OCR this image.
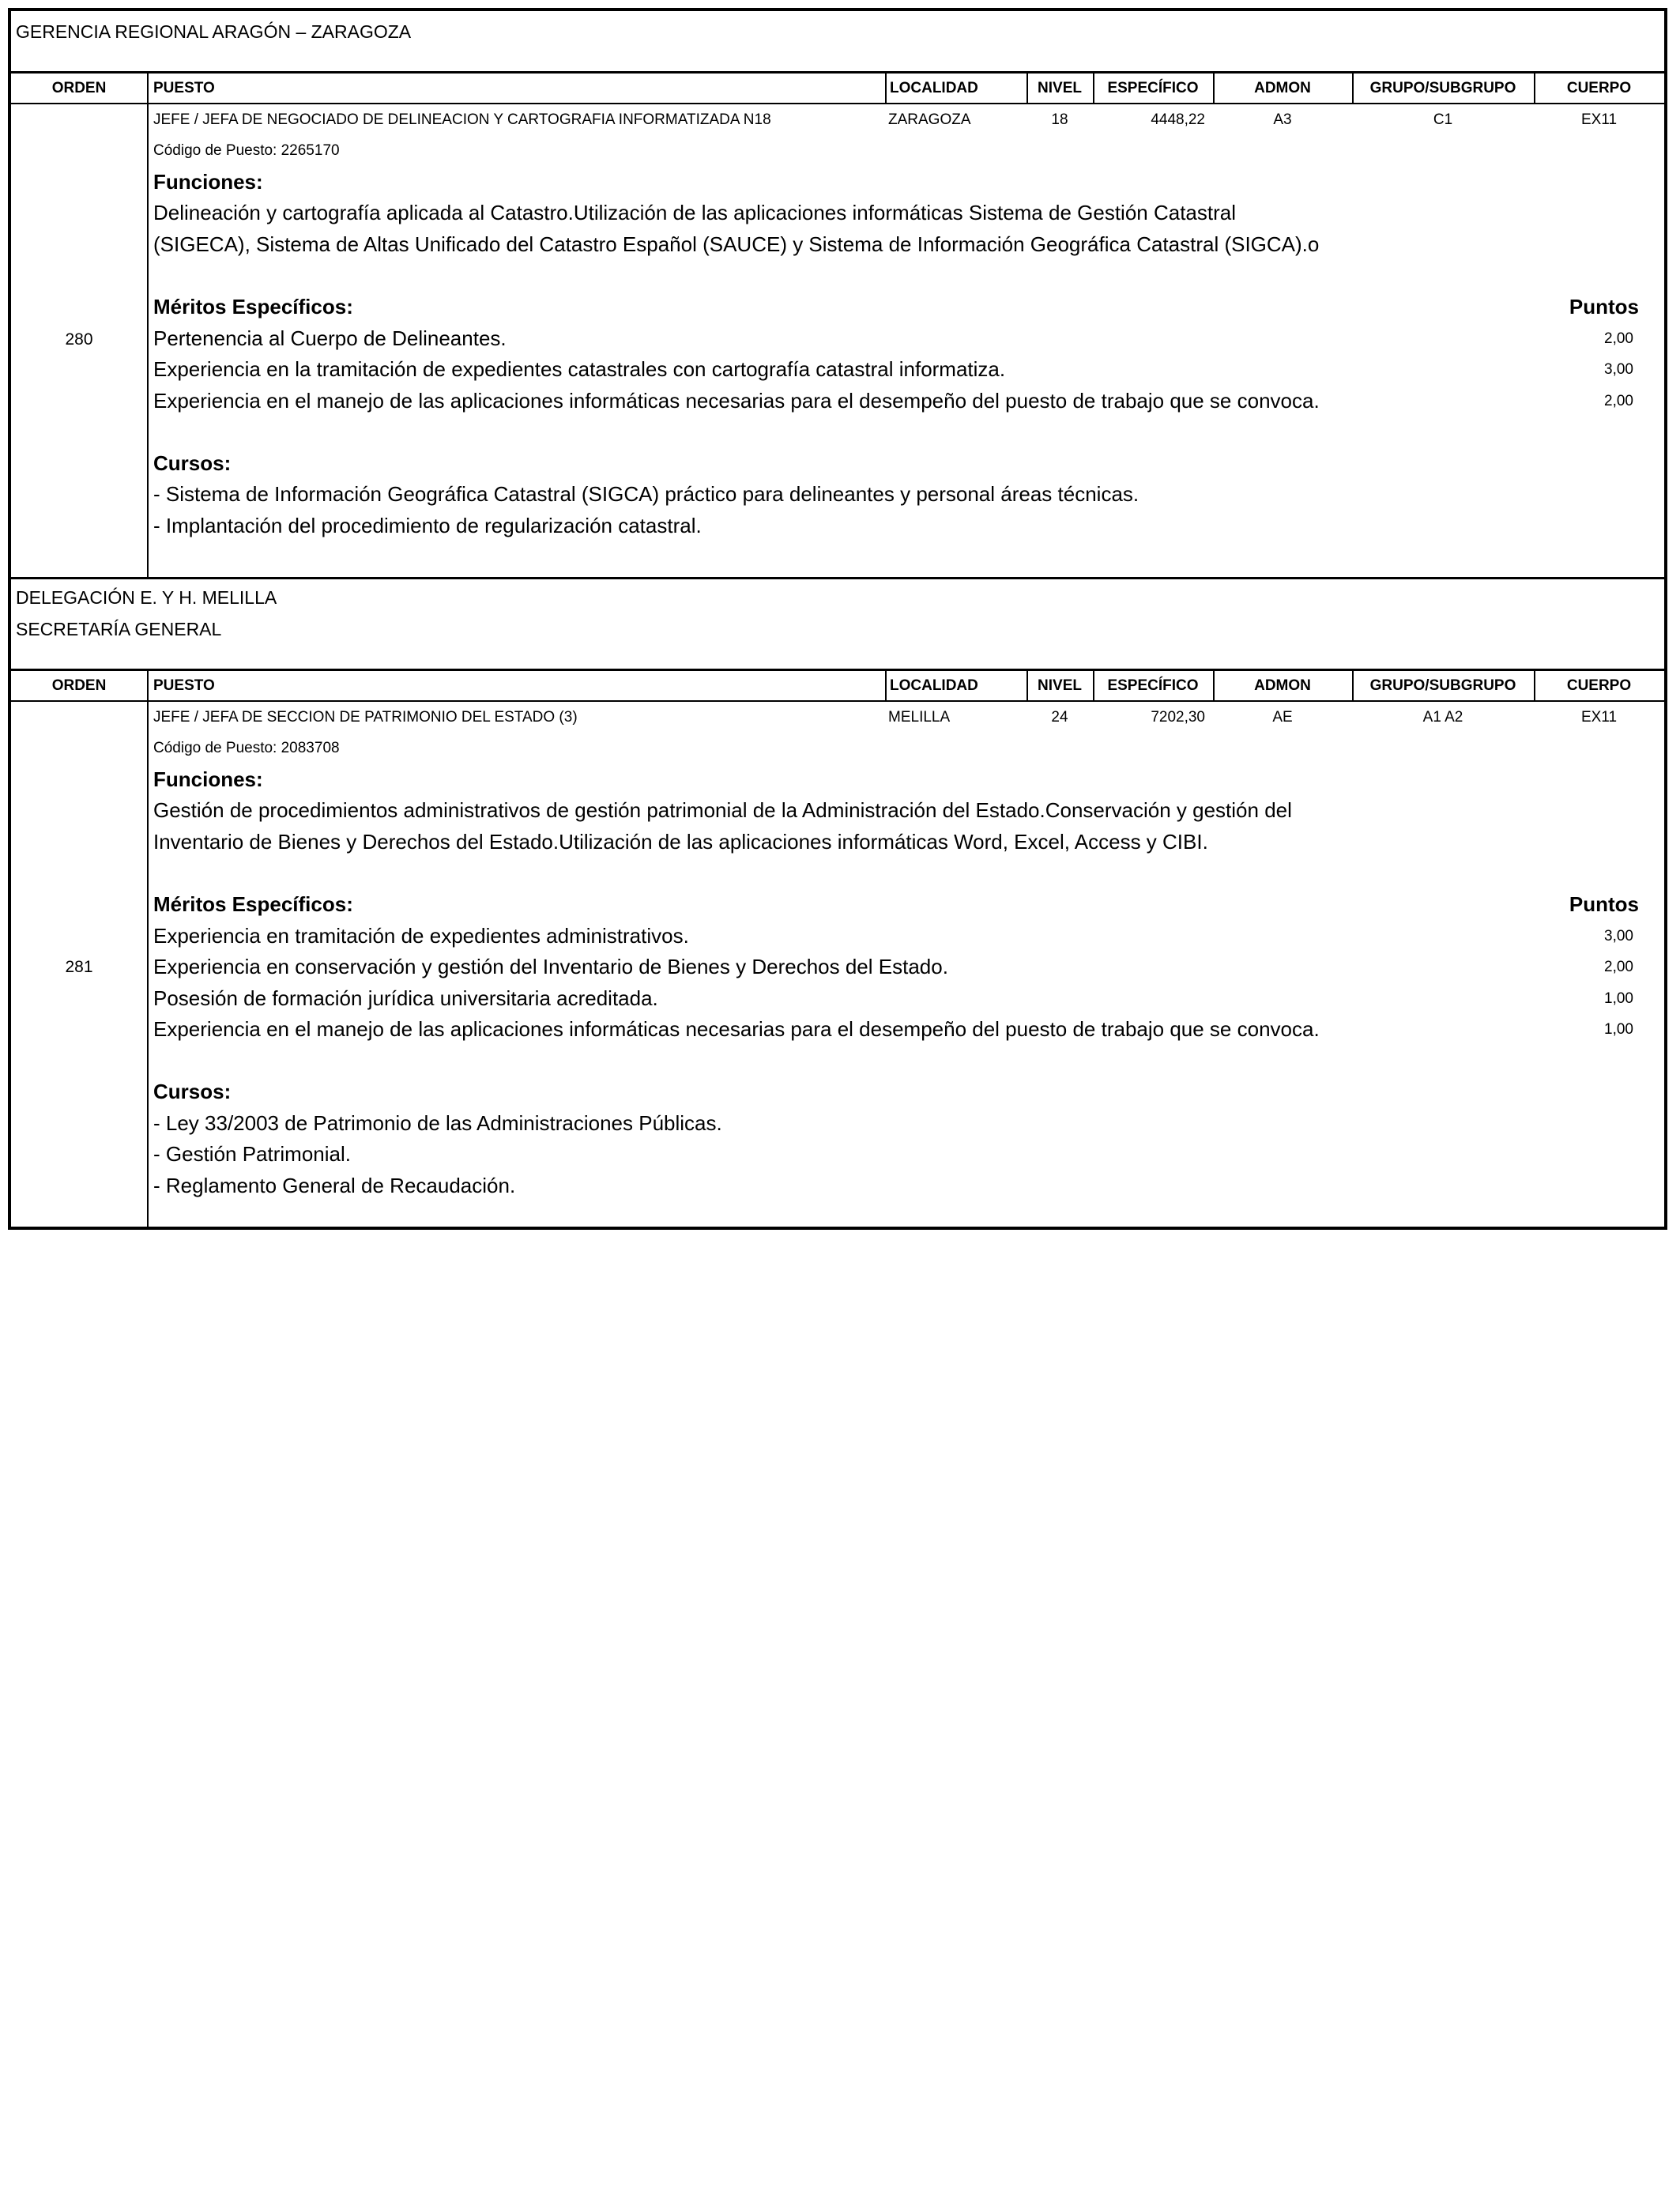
GERENCIA REGIONAL ARAGÓN – ZARAGOZA
ORDEN	PUESTO	LOCALIDAD	NIVEL	ESPECÍFICO	ADMON	GRUPO/SUBGRUPO	CUERPO
280
JEFE / JEFA DE NEGOCIADO DE DELINEACION Y CARTOGRAFIA INFORMATIZADA N18	ZARAGOZA	18	4448,22	A3	C1	EX11
Código de Puesto: 2265170
Funciones:
Delineación y cartografía aplicada al Catastro.Utilización de las aplicaciones informáticas Sistema de Gestión Catastral
(SIGECA), Sistema de Altas Unificado del Catastro Español (SAUCE) y Sistema de Información Geográfica Catastral (SIGCA).o
Méritos Específicos:	Puntos
Pertenencia al Cuerpo de Delineantes.	2,00
Experiencia en la tramitación de expedientes catastrales con cartografía catastral informatiza.	3,00
Experiencia en el manejo de las aplicaciones informáticas necesarias para el desempeño del puesto de trabajo que se convoca.	2,00
Cursos:
- Sistema de Información Geográfica Catastral (SIGCA) práctico para delineantes y personal áreas técnicas.
- Implantación del procedimiento de regularización catastral.
DELEGACIÓN E. Y H. MELILLA
SECRETARÍA GENERAL
ORDEN	PUESTO	LOCALIDAD	NIVEL	ESPECÍFICO	ADMON	GRUPO/SUBGRUPO	CUERPO
281
JEFE / JEFA DE SECCION DE PATRIMONIO DEL ESTADO (3)	MELILLA	24	7202,30	AE	A1 A2	EX11
Código de Puesto: 2083708
Funciones:
Gestión de procedimientos administrativos de gestión patrimonial de la Administración del Estado.Conservación y gestión del
Inventario de Bienes y Derechos del Estado.Utilización de las aplicaciones informáticas Word, Excel, Access y CIBI.
Méritos Específicos:	Puntos
Experiencia en tramitación de expedientes administrativos.	3,00
Experiencia en conservación y gestión del Inventario de Bienes y Derechos del Estado.	2,00
Posesión de formación jurídica universitaria acreditada.	1,00
Experiencia en el manejo de las aplicaciones informáticas necesarias para el desempeño del puesto de trabajo que se convoca.	1,00
Cursos:
- Ley 33/2003 de Patrimonio de las Administraciones Públicas.
- Gestión Patrimonial.
- Reglamento General de Recaudación.
